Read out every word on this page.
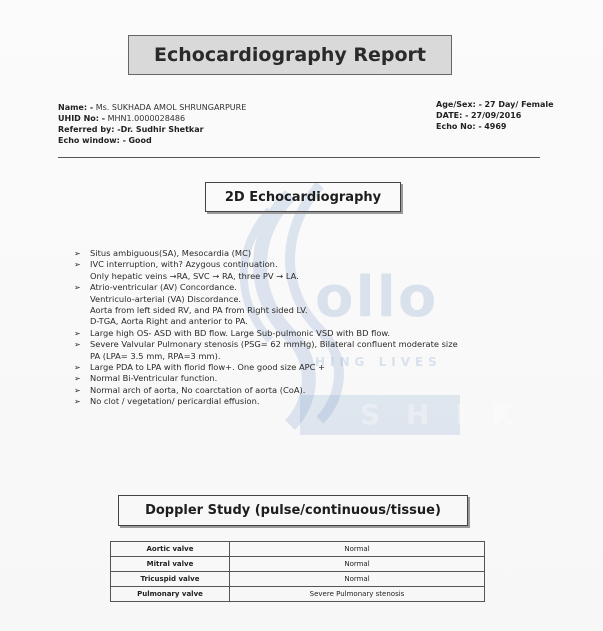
ollo
HING LIVES
S H I K
Echocardiography Report
Name: - Ms. SUKHADA AMOL SHRUNGARPURE
UHID No: - MHN1.0000028486
Referred by: -Dr. Sudhir Shetkar
Echo window: - Good
Age/Sex: - 27 Day/ Female
DATE: - 27/09/2016
Echo No: - 4969
2D Echocardiography
➢ Situs ambiguous(SA), Mesocardia (MC)
➢ IVC interruption, with? Azygous continuation.
Only hepatic veins →RA, SVC → RA, three PV → LA.
➢ Atrio-ventricular (AV) Concordance.
Ventriculo-arterial (VA) Discordance.
Aorta from left sided RV, and PA from Right sided LV.
D-TGA, Aorta Right and anterior to PA.
➢ Large high OS- ASD with BD flow. Large Sub-pulmonic VSD with BD flow.
➢ Severe Valvular Pulmonary stenosis (PSG= 62 mmHg), Bilateral confluent moderate size
PA (LPA= 3.5 mm, RPA=3 mm).
➢ Large PDA to LPA with florid flow+. One good size APC +
➢ Normal Bi-Ventricular function.
➢ Normal arch of aorta, No coarctation of aorta (CoA).
➢ No clot / vegetation/ pericardial effusion.
Doppler Study (pulse/continuous/tissue)
Aortic valve	Normal
Mitral valve	Normal
Tricuspid valve	Normal
Pulmonary valve	Severe Pulmonary stenosis
